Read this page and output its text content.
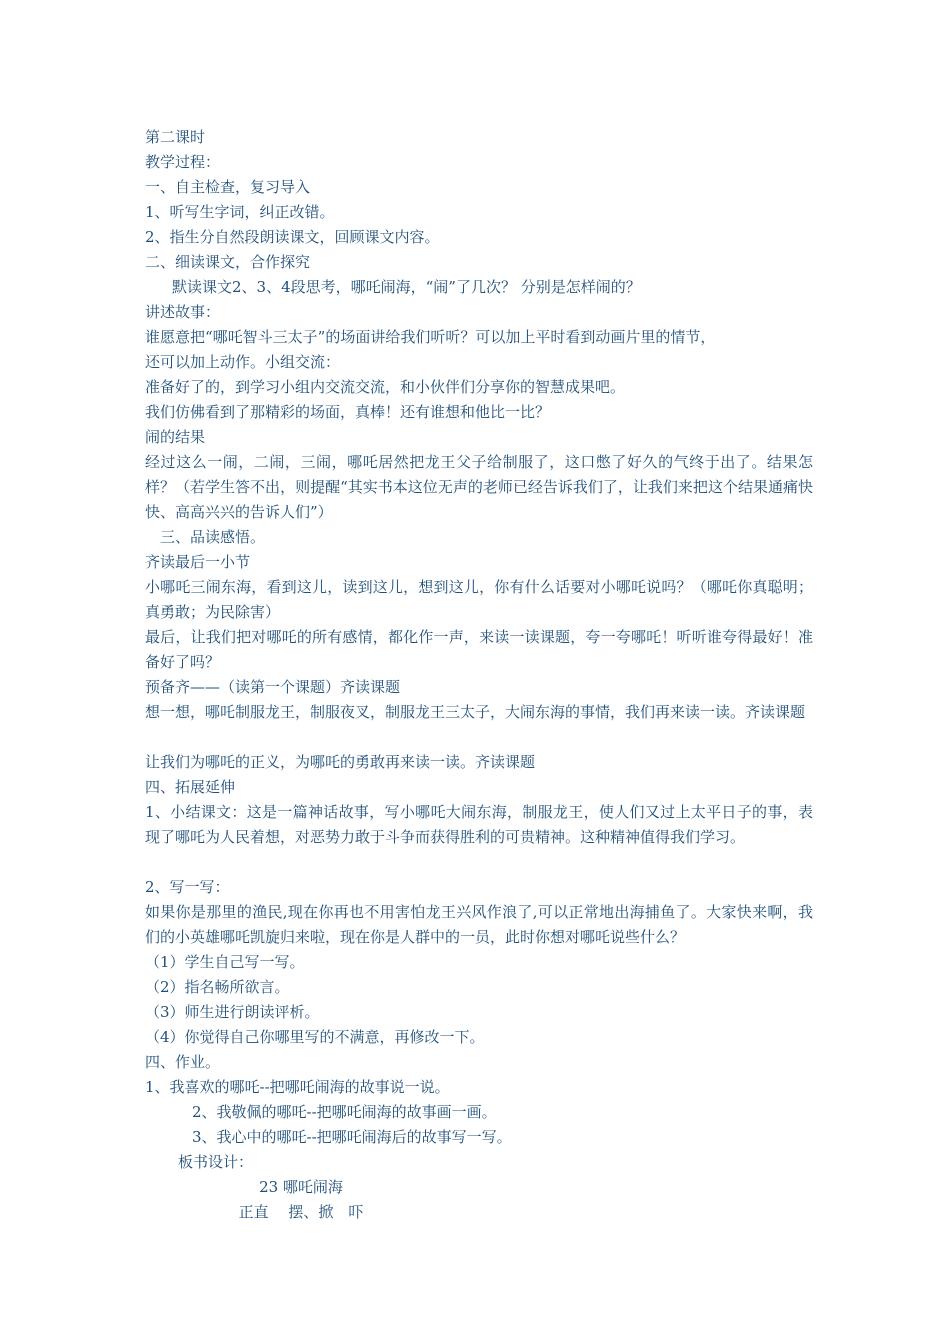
第二课时
教学过程：
一、自主检查，复习导入
1、听写生字词，纠正改错。
2、指生分自然段朗读课文，回顾课文内容。
二、细读课文，合作探究
默读课文2、3、4段思考，哪吒闹海，“闹”了几次？ 分别是怎样闹的？
讲述故事：
谁愿意把“哪吒智斗三太子”的场面讲给我们听听？可以加上平时看到动画片里的情节，
还可以加上动作。小组交流：
准备好了的，到学习小组内交流交流，和小伙伴们分享你的智慧成果吧。
我们仿佛看到了那精彩的场面，真棒！还有谁想和他比一比？
闹的结果
经过这么一闹，二闹，三闹，哪吒居然把龙王父子给制服了，这口憋了好久的气终于出了。结果怎样？（若学生答不出，则提醒“其实书本这位无声的老师已经告诉我们了，让我们来把这个结果通痛快快、高高兴兴的告诉人们”）
三、品读感悟。
齐读最后一小节
小哪吒三闹东海，看到这儿，读到这儿，想到这儿，你有什么话要对小哪吒说吗？（哪吒你真聪明；真勇敢；为民除害）
最后，让我们把对哪吒的所有感情，都化作一声，来读一读课题，夸一夸哪吒！听听谁夸得最好！准备好了吗？
预备齐——（读第一个课题）齐读课题
想一想，哪吒制服龙王，制服夜叉，制服龙王三太子，大闹东海的事情，我们再来读一读。齐读课题
让我们为哪吒的正义，为哪吒的勇敢再来读一读。齐读课题
四、拓展延伸
1、小结课文：这是一篇神话故事，写小哪吒大闹东海，制服龙王，使人们又过上太平日子的事，表现了哪吒为人民着想，对恶势力敢于斗争而获得胜利的可贵精神。这种精神值得我们学习。
2、写一写：
如果你是那里的渔民,现在你再也不用害怕龙王兴风作浪了,可以正常地出海捕鱼了。大家快来啊，我们的小英雄哪吒凯旋归来啦，现在你是人群中的一员，此时你想对哪吒说些什么？
（1）学生自己写一写。
（2）指名畅所欲言。
（3）师生进行朗读评析。
（4）你觉得自己你哪里写的不满意，再修改一下。
四、作业。
1、我喜欢的哪吒--把哪吒闹海的故事说一说。
2、我敬佩的哪吒--把哪吒闹海的故事画一画。
3、我心中的哪吒--把哪吒闹海后的故事写一写。
板书设计：
23 哪吒闹海
正直　 摆、掀　吓
